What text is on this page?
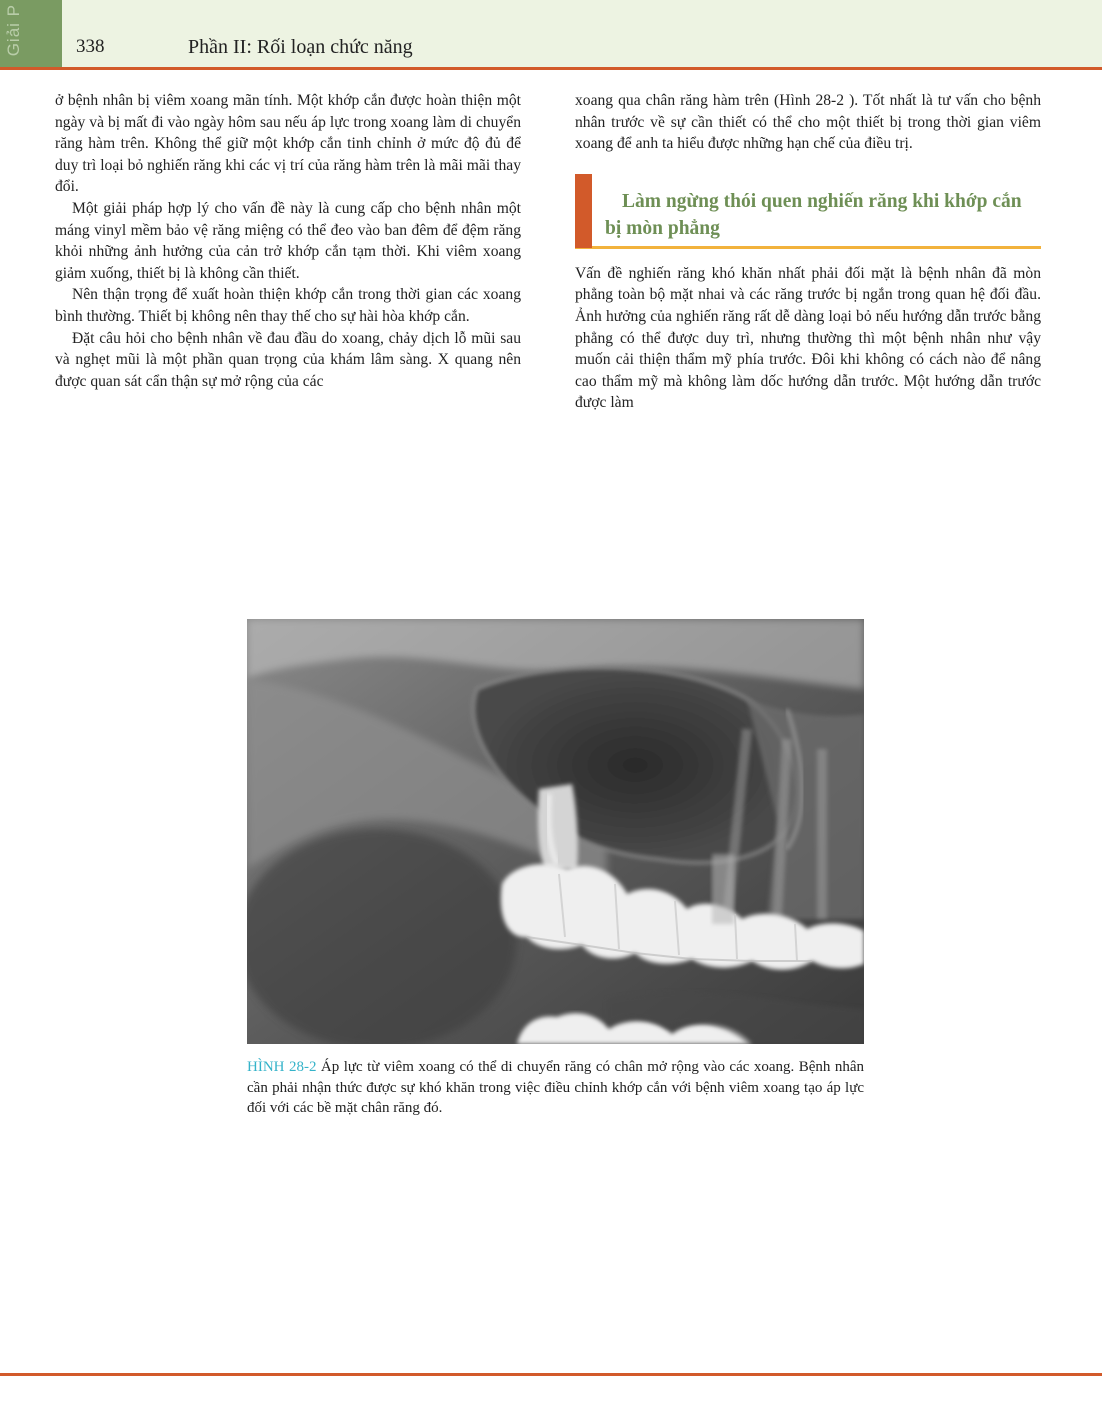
Giải P	338	Phần II: Rối loạn chức năng

ở bệnh nhân bị viêm xoang mãn tính. Một khớp cắn được hoàn thiện một ngày và bị mất đi vào ngày hôm sau nếu áp lực trong xoang làm di chuyển răng hàm trên. Không thể giữ một khớp cắn tinh chỉnh ở mức độ đủ để duy trì loại bỏ nghiến răng khi các vị trí của răng hàm trên là mãi mãi thay đổi.

Một giải pháp hợp lý cho vấn đề này là cung cấp cho bệnh nhân một máng vinyl mềm bảo vệ răng miệng có thể đeo vào ban đêm để đệm răng khỏi những ảnh hưởng của cản trở khớp cắn tạm thời. Khi viêm xoang giảm xuống, thiết bị là không cần thiết.

Nên thận trọng để xuất hoàn thiện khớp cắn trong thời gian các xoang bình thường. Thiết bị không nên thay thế cho sự hài hòa khớp cắn.

Đặt câu hỏi cho bệnh nhân về đau đầu do xoang, chảy dịch lỗ mũi sau và nghẹt mũi là một phần quan trọng của khám lâm sàng. X quang nên được quan sát cẩn thận sự mở rộng của các

xoang qua chân răng hàm trên (Hình 28-2 ). Tốt nhất là tư vấn cho bệnh nhân trước về sự cần thiết có thể cho một thiết bị trong thời gian viêm xoang để anh ta hiểu được những hạn chế của điều trị.

Làm ngừng thói quen nghiến răng khi khớp cắn bị mòn phẳng

Vấn đề nghiến răng khó khăn nhất phải đối mặt là bệnh nhân đã mòn phẳng toàn bộ mặt nhai và các răng trước bị ngắn trong quan hệ đối đầu. Ảnh hưởng của nghiến răng rất dễ dàng loại bỏ nếu hướng dẫn trước bằng phẳng có thể được duy trì, nhưng thường thì một bệnh nhân như vậy muốn cải thiện thẩm mỹ phía trước. Đôi khi không có cách nào để nâng cao thẩm mỹ mà không làm dốc hướng dẫn trước. Một hướng dẫn trước được làm

HÌNH 28-2 Áp lực từ viêm xoang có thể di chuyển răng có chân mở rộng vào các xoang. Bệnh nhân cần phải nhận thức được sự khó khăn trong việc điều chỉnh khớp cắn với bệnh viêm xoang tạo áp lực đối với các bề mặt chân răng đó.
